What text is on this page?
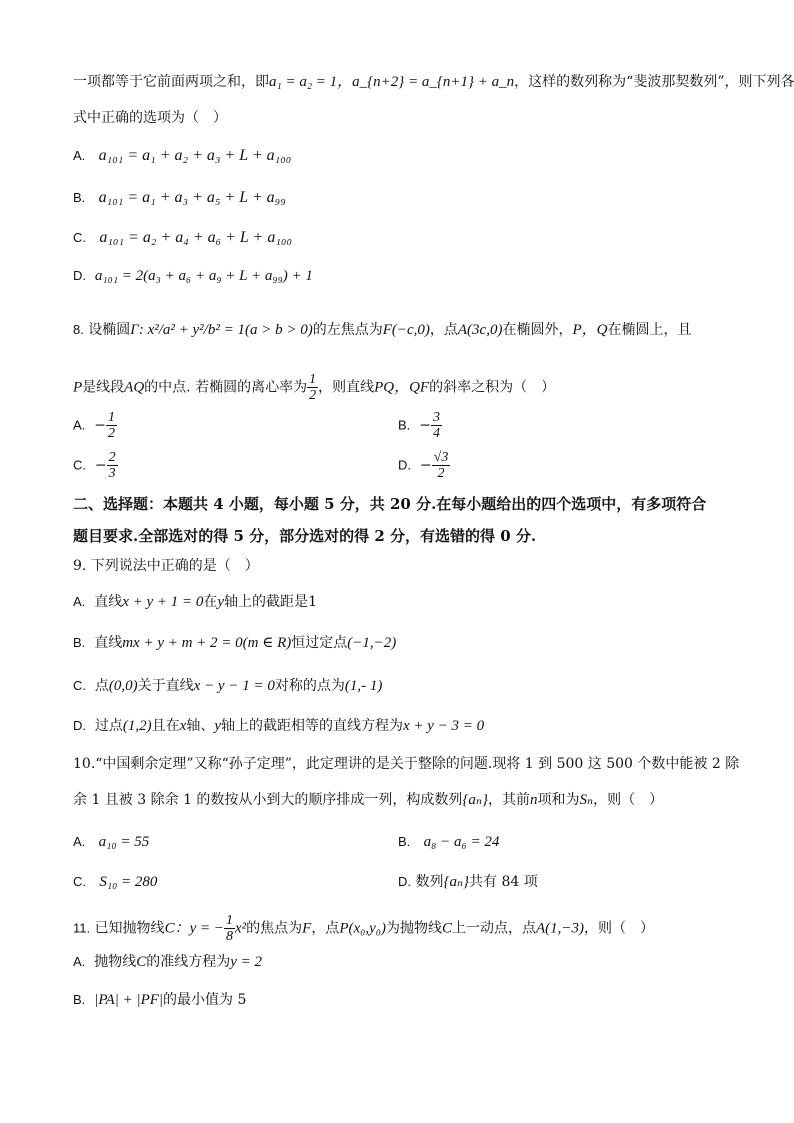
一项都等于它前面两项之和，即a₁ = a₂ = 1，a_{n+2} = a_{n+1} + a_n，这样的数列称为“斐波那契数列”，则下列各
式中正确的选项为（　）
A. a₁₀₁ = a₁ + a₂ + a₃ + L + a₁₀₀
B. a₁₀₁ = a₁ + a₃ + a₅ + L + a₉₉
C. a₁₀₁ = a₂ + a₄ + a₆ + L + a₁₀₀
D. a₁₀₁ = 2(a₃ + a₆ + a₉ + L + a₉₉) + 1
8. 设椭圆Γ: x²/a² + y²/b² = 1(a > b > 0)的左焦点为F(−c,0)，点A(3c,0)在椭圆外，P，Q在椭圆上，且
P是线段AQ的中点. 若椭圆的离心率为 $\frac{1}{2}$ ，则直线PQ，QF的斜率之积为（　）
A. − $\frac{1}{2}$	B. − $\frac{3}{4}$
C. − $\frac{2}{3}$	D. − $\frac{√3}{2}$
二、选择题：本题共 4 小题，每小题 5 分，共 20 分.在每小题给出的四个选项中，有多项符合
题目要求.全部选对的得 5 分，部分选对的得 2 分，有选错的得 0 分.
9. 下列说法中正确的是（　）
A. 直线x + y + 1 = 0在y轴上的截距是1
B. 直线mx + y + m + 2 = 0(m ∈ R)恒过定点(−1,−2)
C. 点(0,0)关于直线x − y − 1 = 0对称的点为(1,- 1)
D. 过点(1,2)且在x轴、y轴上的截距相等的直线方程为x + y − 3 = 0
10.“中国剩余定理”又称“孙子定理”，此定理讲的是关于整除的问题.现将 1 到 500 这 500 个数中能被 2 除
余 1 且被 3 除余 1 的数按从小到大的顺序排成一列，构成数列{aₙ}，其前n项和为Sₙ，则（　）
A. a₁₀ = 55	B. a₈ − a₆ = 24
C. S₁₀ = 280	D. 数列{aₙ}共有 84 项
11. 已知抛物线C：y = − $\frac{1}{8} x^2$的焦点为F，点P(x₀,y₀)为抛物线C上一动点，点A(1,−3)，则（　）
A. 抛物线C的准线方程为y = 2
B. |PA| + |PF|的最小值为 5
